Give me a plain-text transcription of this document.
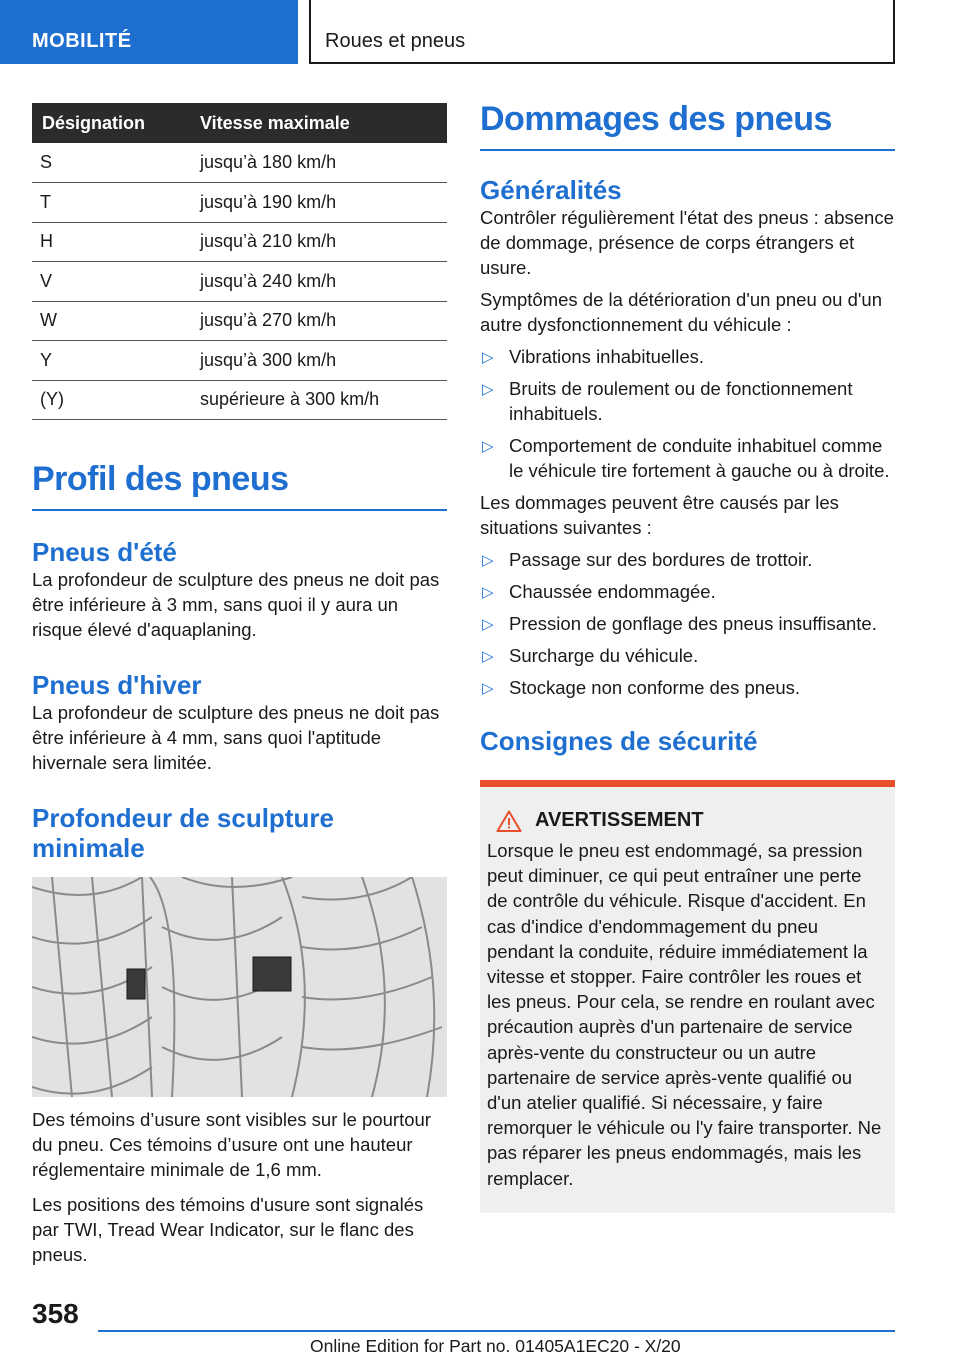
MOBILITÉ	Roues et pneus
Désignation	Vitesse maximale
S	jusqu’à 180 km/h
T	jusqu’à 190 km/h
H	jusqu’à 210 km/h
V	jusqu’à 240 km/h
W	jusqu’à 270 km/h
Y	jusqu’à 300 km/h
(Y)	supérieure à 300 km/h
Profil des pneus
Pneus d'été

La profondeur de sculpture des pneus ne doit pas être inférieure à 3 mm, sans quoi il y aura un risque élevé d'aquaplaning.

Pneus d'hiver

La profondeur de sculpture des pneus ne doit pas être inférieure à 4 mm, sans quoi l'aptitude hivernale sera limitée.

Profondeur de sculpture minimale

Des témoins d’usure sont visibles sur le pourtour du pneu. Ces témoins d’usure ont une hauteur réglementaire minimale de 1,6 mm.

Les positions des témoins d'usure sont signalés par TWI, Tread Wear Indicator, sur le flanc des pneus.

Dommages des pneus
Généralités

Contrôler régulièrement l'état des pneus : absence de dommage, présence de corps étrangers et usure.

Symptômes de la détérioration d'un pneu ou d'un autre dysfonctionnement du véhicule :

▷ Vibrations inhabituelles.
▷ Bruits de roulement ou de fonctionnement inhabituels.
▷ Comportement de conduite inhabituel comme le véhicule tire fortement à gauche ou à droite.

Les dommages peuvent être causés par les situations suivantes :

▷ Passage sur des bordures de trottoir.
▷ Chaussée endommagée.
▷ Pression de gonflage des pneus insuffisante.
▷ Surcharge du véhicule.
▷ Stockage non conforme des pneus.
Consignes de sécurité
AVERTISSEMENT

Lorsque le pneu est endommagé, sa pression peut diminuer, ce qui peut entraîner une perte de contrôle du véhicule. Risque d'accident. En cas d'indice d'endommagement du pneu pendant la conduite, réduire immédiatement la vitesse et stopper. Faire contrôler les roues et les pneus. Pour cela, se rendre en roulant avec précaution auprès d'un partenaire de service après-vente du constructeur ou un autre partenaire de service après-vente qualifié ou d'un atelier qualifié. Si nécessaire, y faire remorquer le véhicule ou l'y faire transporter. Ne pas réparer les pneus endommagés, mais les remplacer.

358
Online Edition for Part no. 01405A1EC20 - X/20
